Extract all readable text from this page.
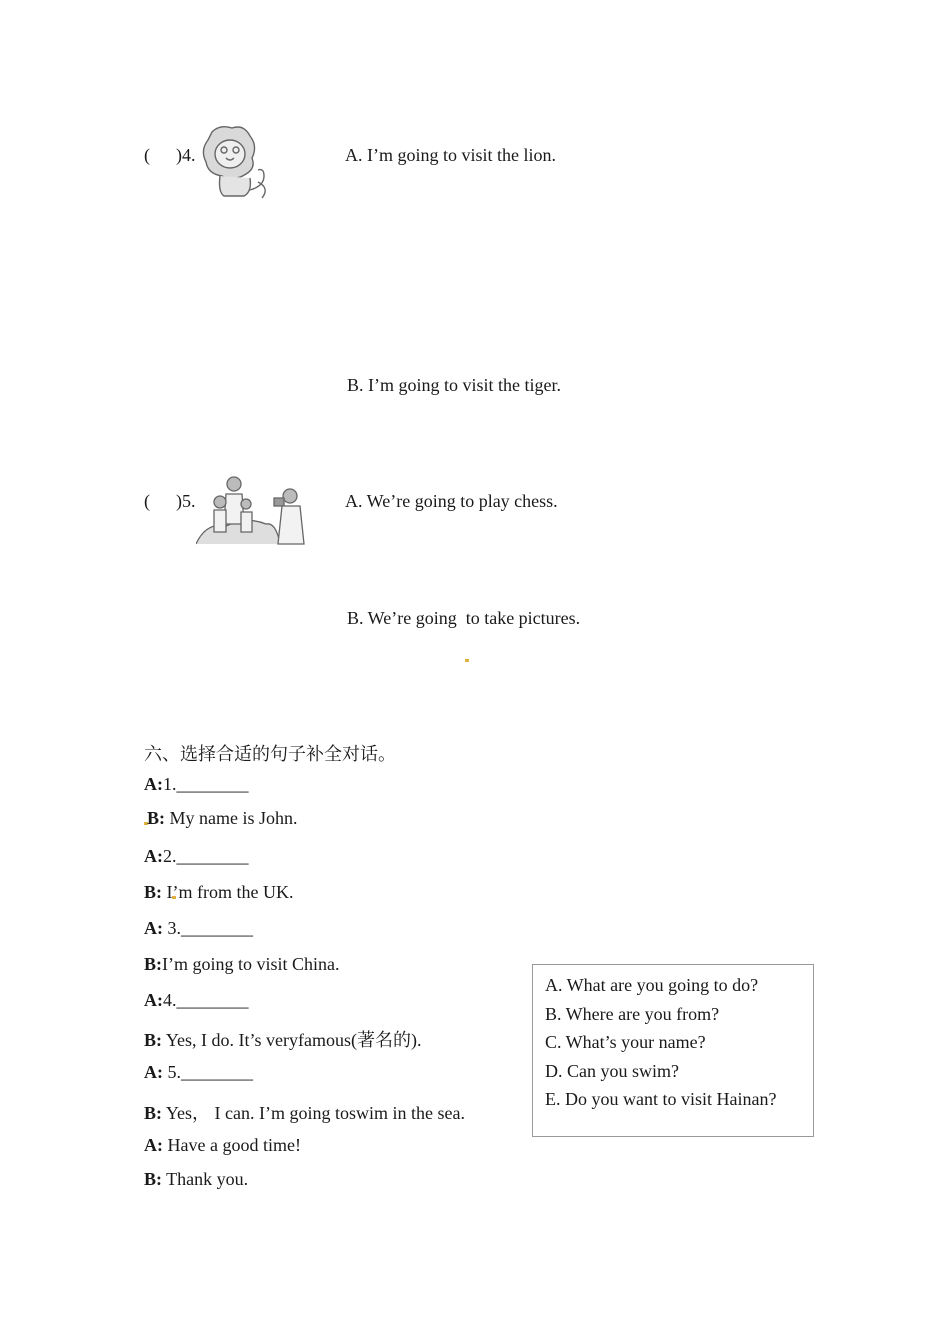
( )4.	A. I’m going to visit the lion.
B. I’m going to visit the tiger.
( )5.	A. We’re going to play chess.
B. We’re going  to take pictures.
六、选择合适的句子补全对话。
A:1.________
B: My name is John.
A:2.________
B: I’m from the UK.
A: 3.________
B:I’m going to visit China.
A:4.________
B: Yes, I do. It’s veryfamous(著名的).
A: 5.________
B: Yes， I can. I’m going toswim in the sea.
A: Have a good time!
B: Thank you.
A. What are you going to do?
B. Where are you from?
C. What’s your name?
D. Can you swim?
E. Do you want to visit Hainan?
